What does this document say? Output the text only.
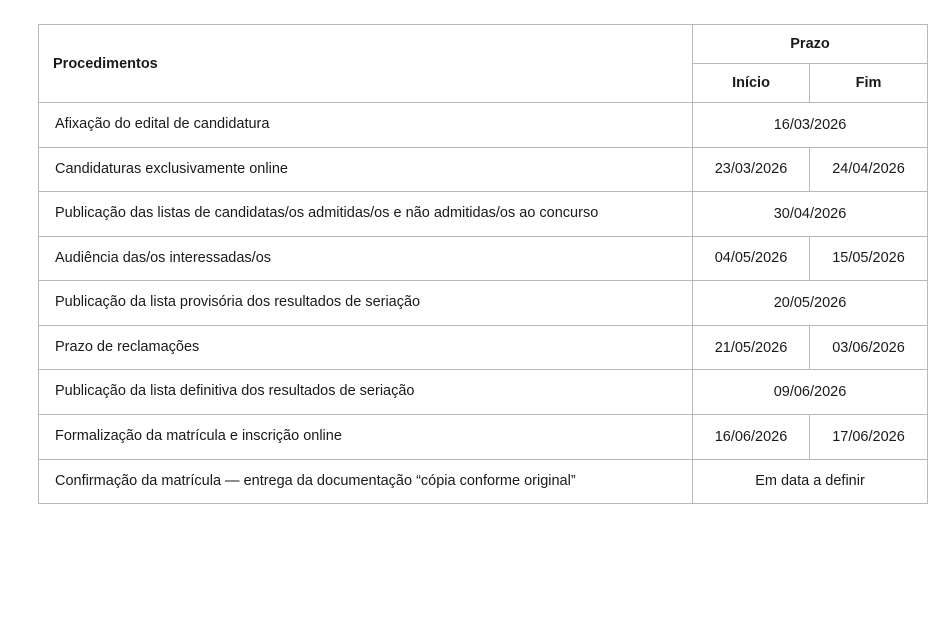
Procedimentos	Prazo	
	Início	Fim
Afixação do edital de candidatura	16/03/2026	
Candidaturas exclusivamente online	23/03/2026	24/04/2026
Publicação das listas de candidatas/os admitidas/os e não admitidas/os ao concurso	30/04/2026	
Audiência das/os interessadas/os	04/05/2026	15/05/2026
Publicação da lista provisória dos resultados de seriação	20/05/2026	
Prazo de reclamações	21/05/2026	03/06/2026
Publicação da lista definitiva dos resultados de seriação	09/06/2026	
Formalização da matrícula e inscrição online	16/06/2026	17/06/2026
Confirmação da matrícula — entrega da documentação “cópia conforme original”	Em data a definir	
